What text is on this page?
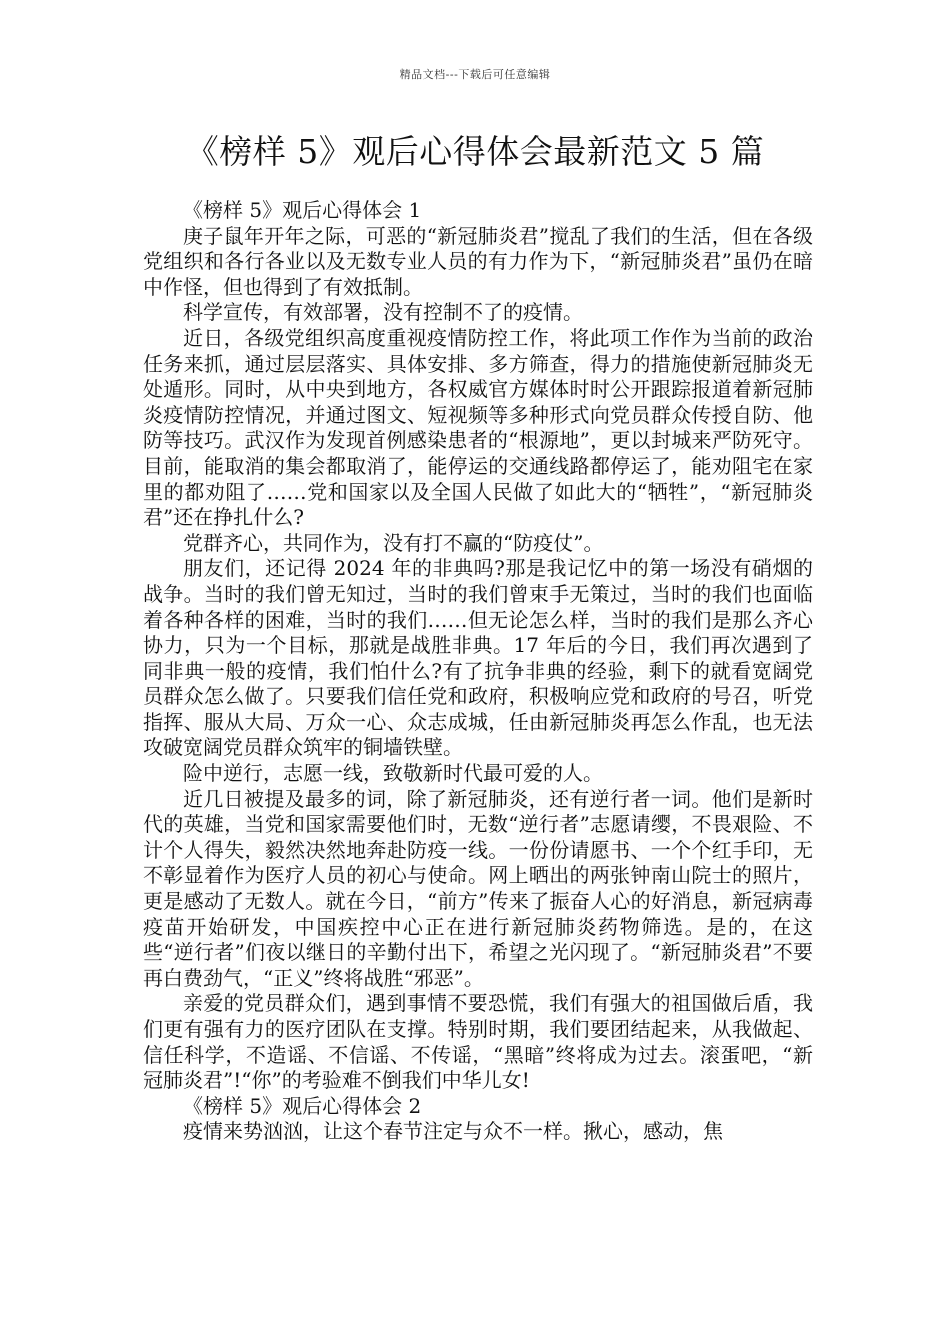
精品文档---下载后可任意编辑
《榜样 5》观后心得体会最新范文 5 篇

《榜样 5》观后心得体会 1

庚子鼠年开年之际，可恶的“新冠肺炎君”搅乱了我们的生活，但在各级党组织和各行各业以及无数专业人员的有力作为下，“新冠肺炎君”虽仍在暗中作怪，但也得到了有效抵制。

科学宣传，有效部署，没有控制不了的疫情。

近日，各级党组织高度重视疫情防控工作，将此项工作作为当前的政治任务来抓，通过层层落实、具体安排、多方筛查，得力的措施使新冠肺炎无处遁形。同时，从中央到地方，各权威官方媒体时时公开跟踪报道着新冠肺炎疫情防控情况，并通过图文、短视频等多种形式向党员群众传授自防、他防等技巧。武汉作为发现首例感染患者的“根源地”，更以封城来严防死守。目前，能取消的集会都取消了，能停运的交通线路都停运了，能劝阻宅在家里的都劝阻了……党和国家以及全国人民做了如此大的“牺牲”，“新冠肺炎君”还在挣扎什么?

党群齐心，共同作为，没有打不赢的“防疫仗”。

朋友们，还记得 2024 年的非典吗?那是我记忆中的第一场没有硝烟的战争。当时的我们曾无知过，当时的我们曾束手无策过，当时的我们也面临着各种各样的困难，当时的我们……但无论怎么样，当时的我们是那么齐心协力，只为一个目标，那就是战胜非典。17 年后的今日，我们再次遇到了同非典一般的疫情，我们怕什么?有了抗争非典的经验，剩下的就看宽阔党员群众怎么做了。只要我们信任党和政府，积极响应党和政府的号召，听党指挥、服从大局、万众一心、众志成城，任由新冠肺炎再怎么作乱，也无法攻破宽阔党员群众筑牢的铜墙铁壁。

险中逆行，志愿一线，致敬新时代最可爱的人。

近几日被提及最多的词，除了新冠肺炎，还有逆行者一词。他们是新时代的英雄，当党和国家需要他们时，无数“逆行者”志愿请缨，不畏艰险、不计个人得失，毅然决然地奔赴防疫一线。一份份请愿书、一个个红手印，无不彰显着作为医疗人员的初心与使命。网上晒出的两张钟南山院士的照片，更是感动了无数人。就在今日，“前方”传来了振奋人心的好消息，新冠病毒疫苗开始研发，中国疾控中心正在进行新冠肺炎药物筛选。是的，在这些“逆行者”们夜以继日的辛勤付出下，希望之光闪现了。“新冠肺炎君”不要再白费劲气，“正义”终将战胜“邪恶”。

亲爱的党员群众们，遇到事情不要恐慌，我们有强大的祖国做后盾，我们更有强有力的医疗团队在支撑。特别时期，我们要团结起来，从我做起、信任科学，不造谣、不信谣、不传谣，“黑暗”终将成为过去。滚蛋吧，“新冠肺炎君”!“你”的考验难不倒我们中华儿女!

《榜样 5》观后心得体会 2

疫情来势汹汹，让这个春节注定与众不一样。揪心，感动，焦
